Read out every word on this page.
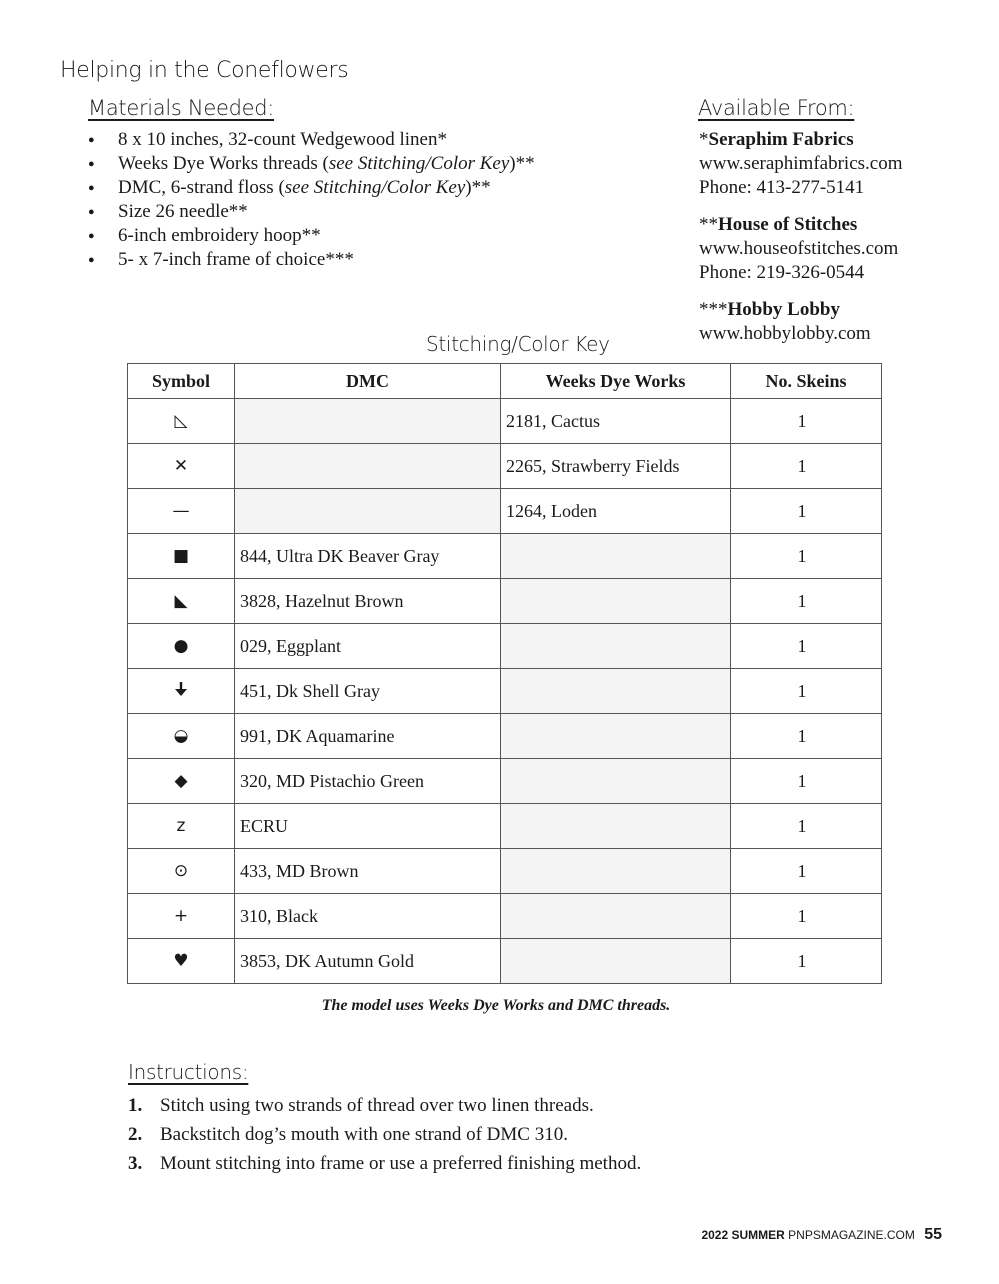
Helping in the Coneflowers
Materials Needed:
● 8 x 10 inches, 32-count Wedgewood linen*
● Weeks Dye Works threads (see Stitching/Color Key)**
● DMC, 6-strand floss (see Stitching/Color Key)**
● Size 26 needle**
● 6-inch embroidery hoop**
● 5- x 7-inch frame of choice***
Available From:
*Seraphim Fabrics
www.seraphimfabrics.com
Phone: 413-277-5141
**House of Stitches
www.houseofstitches.com
Phone: 219-326-0544
***Hobby Lobby
www.hobbylobby.com
Stitching/Color Key
Symbol	DMC	Weeks Dye Works	No. Skeins
◺		2181, Cactus	1
✕		2265, Strawberry Fields	1
—		1264, Loden	1
■	844, Ultra DK Beaver Gray		1
◣	3828, Hazelnut Brown		1
●	029, Eggplant		1
	451, Dk Shell Gray		1
◒	991, DK Aquamarine		1
◆	320, MD Pistachio Green		1
z	ECRU		1
⊙	433, MD Brown		1
+	310, Black		1
♥	3853, DK Autumn Gold		1
The model uses Weeks Dye Works and DMC threads.
Instructions:
1. Stitch using two strands of thread over two linen threads.
2. Backstitch dog’s mouth with one strand of DMC 310.
3. Mount stitching into frame or use a preferred finishing method.
2022 SUMMER PNPSMAGAZINE.COM 55
